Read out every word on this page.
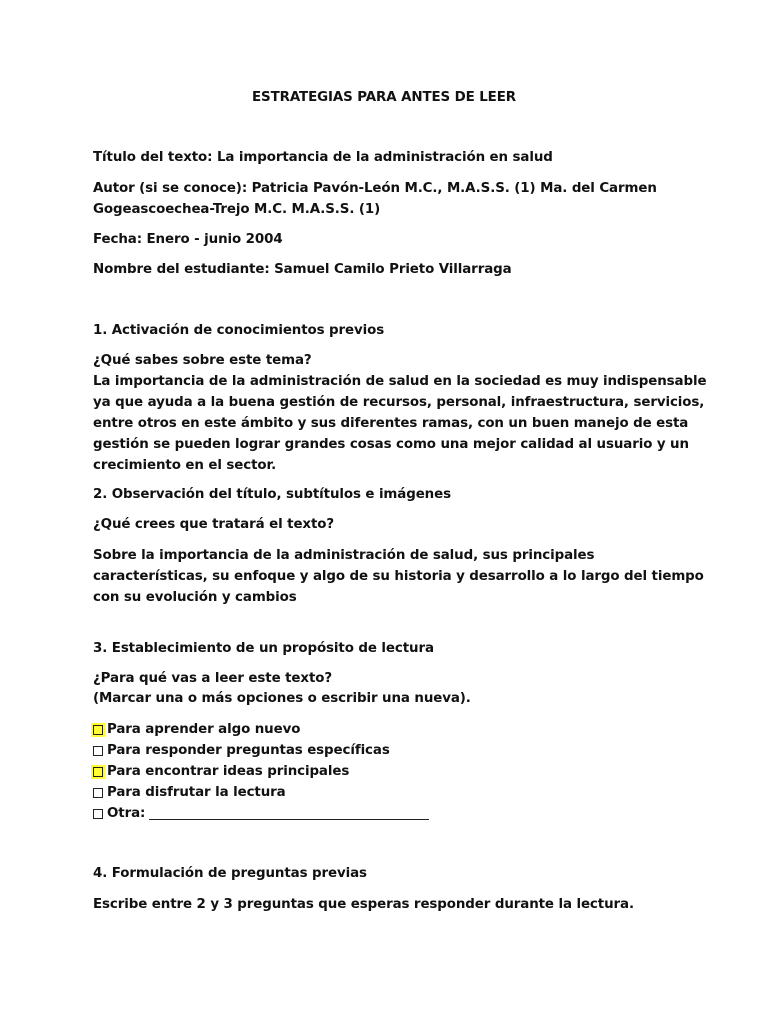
ESTRATEGIAS PARA ANTES DE LEER
Título del texto: La importancia de la administración en salud
Autor (si se conoce): Patricia Pavón-León M.C., M.A.S.S. (1) Ma. del Carmen
Gogeascoechea-Trejo M.C. M.A.S.S. (1)
Fecha: Enero - junio 2004
Nombre del estudiante: Samuel Camilo Prieto Villarraga
1. Activación de conocimientos previos
¿Qué sabes sobre este tema?
La importancia de la administración de salud en la sociedad es muy indispensable
ya que ayuda a la buena gestión de recursos, personal, infraestructura, servicios,
entre otros en este ámbito y sus diferentes ramas, con un buen manejo de esta
gestión se pueden lograr grandes cosas como una mejor calidad al usuario y un
crecimiento en el sector.
2. Observación del título, subtítulos e imágenes
¿Qué crees que tratará el texto?
Sobre la importancia de la administración de salud, sus principales
características, su enfoque y algo de su historia y desarrollo a lo largo del tiempo
con su evolución y cambios
3. Establecimiento de un propósito de lectura
¿Para qué vas a leer este texto?
(Marcar una o más opciones o escribir una nueva).
Para aprender algo nuevo
Para responder preguntas específicas
Para encontrar ideas principales
Para disfrutar la lectura
Otra:
4. Formulación de preguntas previas
Escribe entre 2 y 3 preguntas que esperas responder durante la lectura.
